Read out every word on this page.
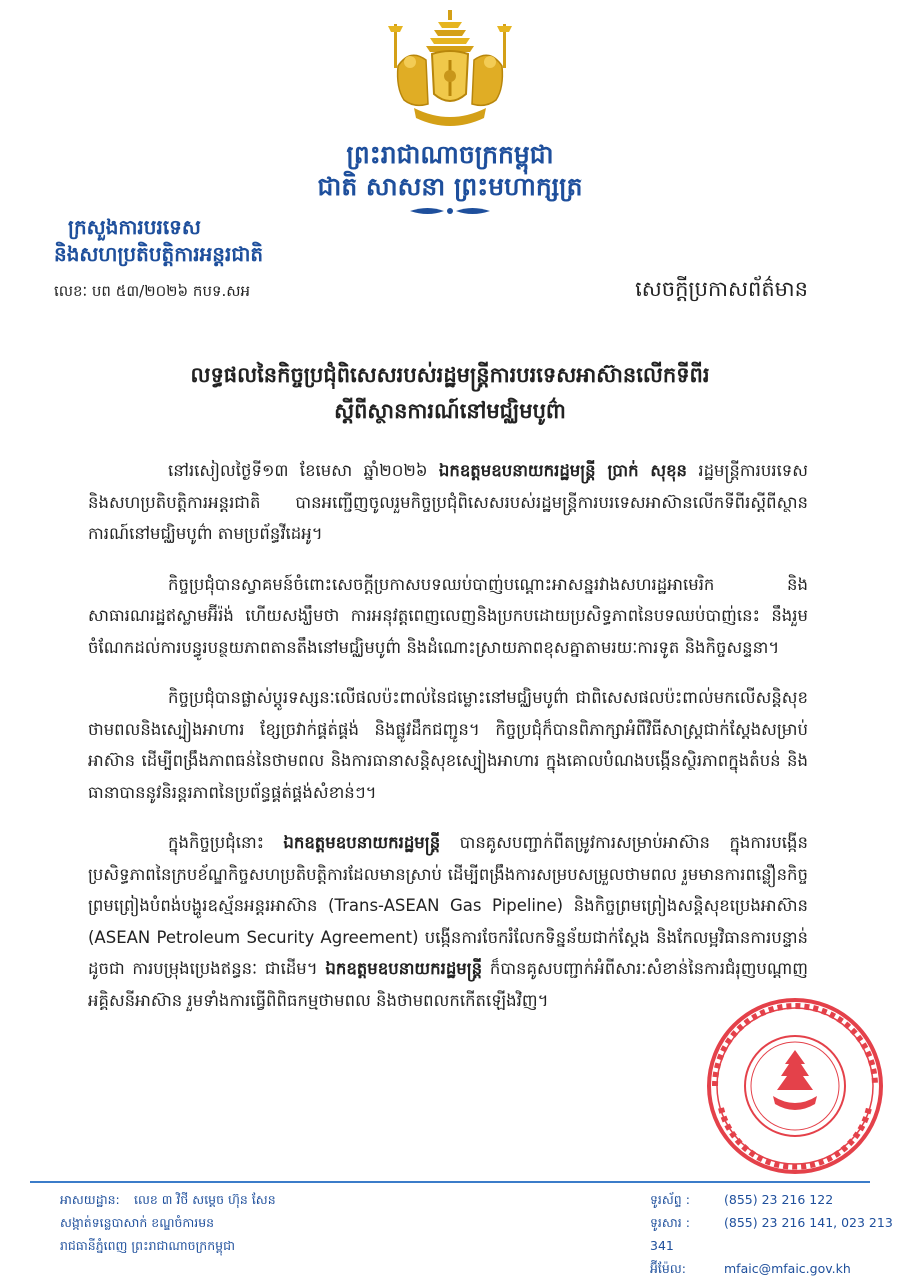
ព្រះរាជាណាចក្រកម្ពុជា
ជាតិ សាសនា ព្រះមហាក្សត្រ
ក្រសួងការបរទេស
និងសហប្រតិបត្តិការអន្តរជាតិ
លេខៈ បព ៥៣/២០២៦ កបទ.សអ	សេចក្តីប្រកាសព័ត៌មាន
លទ្ធផលនៃកិច្ចប្រជុំពិសេសរបស់រដ្ឋមន្ត្រីការបរទេសអាស៊ានលើកទីពីរ
ស្តីពីស្ថានការណ៍នៅមជ្ឈិមបូព៌ា

នៅរសៀលថ្ងៃទី១៣ ខែមេសា ឆ្នាំ២០២៦ ឯកឧត្តមឧបនាយករដ្ឋមន្ត្រី ប្រាក់ សុខុន រដ្ឋមន្ត្រីការបរទេស និងសហប្រតិបត្តិការអន្តរជាតិ បានអញ្ជើញចូលរួមកិច្ចប្រជុំពិសេសរបស់រដ្ឋមន្ត្រីការបរទេសអាស៊ានលើកទីពីរស្តីពីស្ថានការណ៍នៅមជ្ឈិមបូព៌ា តាមប្រព័ន្ធវីដេអូ។

កិច្ចប្រជុំបានស្វាគមន៍ចំពោះសេចក្តីប្រកាសបទឈប់បាញ់បណ្តោះអាសន្នរវាងសហរដ្ឋអាមេរិក និងសាធារណរដ្ឋឥស្លាមអ៊ីរ៉ង់ ហើយសង្ឃឹមថា ការអនុវត្តពេញលេញនិងប្រកបដោយប្រសិទ្ធភាពនៃបទឈប់បាញ់នេះ នឹងរួមចំណែកដល់ការបន្ធូរបន្ថយភាពតានតឹងនៅមជ្ឈិមបូព៌ា និងដំណោះស្រាយភាពខុសគ្នាតាមរយៈការទូត និងកិច្ចសន្ទនា។

កិច្ចប្រជុំបានផ្លាស់ប្តូរទស្សនៈលើផលប៉ះពាល់នៃជម្លោះនៅមជ្ឈិមបូព៌ា ជាពិសេសផលប៉ះពាល់មកលើសន្តិសុខថាមពលនិងស្បៀងអាហារ ខ្សែច្រវាក់ផ្គត់ផ្គង់ និងផ្លូវដឹកជញ្ជូន។ កិច្ចប្រជុំក៏បានពិភាក្សាអំពីវិធីសាស្ត្រជាក់ស្តែងសម្រាប់អាស៊ាន ដើម្បីពង្រឹងភាពធន់នៃថាមពល និងការធានាសន្តិសុខស្បៀងអាហារ ក្នុងគោលបំណងបង្កើនស្ថិរភាពក្នុងតំបន់ និងធានាបាននូវនិរន្តរភាពនៃប្រព័ន្ធផ្គត់ផ្គង់សំខាន់ៗ។

ក្នុងកិច្ចប្រជុំនោះ ឯកឧត្តមឧបនាយករដ្ឋមន្ត្រី បានគូសបញ្ជាក់ពីតម្រូវការសម្រាប់អាស៊ាន ក្នុងការបង្កើនប្រសិទ្ធភាពនៃក្របខ័ណ្ឌកិច្ចសហប្រតិបត្តិការដែលមានស្រាប់ ដើម្បីពង្រឹងការសម្របសម្រួលថាមពល រួមមានការពន្លឿនកិច្ចព្រមព្រៀងបំពង់បង្ហូរឧស្ម័នអន្តរអាស៊ាន (Trans-ASEAN Gas Pipeline) និងកិច្ចព្រមព្រៀងសន្តិសុខប្រេងអាស៊ាន (ASEAN Petroleum Security Agreement) បង្កើនការចែករំលែកទិន្នន័យជាក់ស្តែង និងកែលម្អវិធានការបន្ទាន់ ដូចជា ការបម្រុងប្រេងឥន្ធនៈ ជាដើម។ ឯកឧត្តមឧបនាយករដ្ឋមន្ត្រី ក៏បានគូសបញ្ជាក់អំពីសារៈសំខាន់នៃការជំរុញបណ្តាញអគ្គិសនីអាស៊ាន រួមទាំងការធ្វើពិពិធកម្មថាមពល និងថាមពលកកើតឡើងវិញ។

អាសយដ្ឋាន: លេខ ៣ វិថី សម្តេច ហ៊ុន សែន
សង្កាត់ទន្លេបាសាក់ ខណ្ឌចំការមន
រាជធានីភ្នំពេញ ព្រះរាជាណាចក្រកម្ពុជា
ទូរស័ព្ទ :	(855) 23 216 122
ទូរសារ :	(855) 23 216 141, 023 213 341
អ៊ីម៉ែល:	mfaic@mfaic.gov.kh
